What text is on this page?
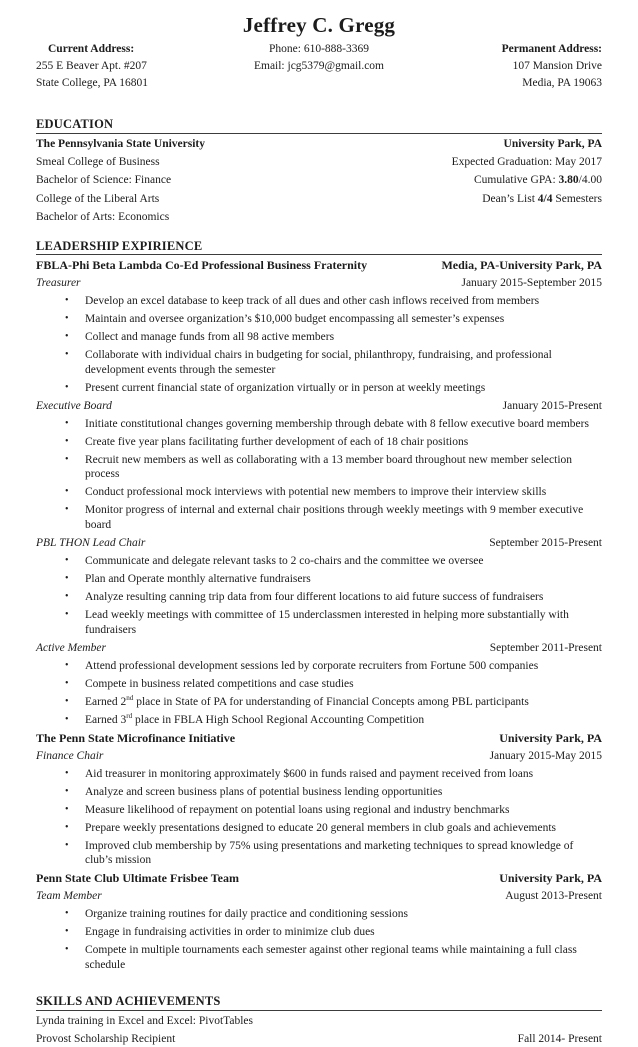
Jeffrey C. Gregg
Current Address:
255 E Beaver Apt. #207
State College, PA 16801
Phone: 610-888-3369
Email: jcg5379@gmail.com
Permanent Address:
107 Mansion Drive
Media, PA 19063
EDUCATION
The Pennsylvania State University	University Park, PA
Smeal College of Business	Expected Graduation: May 2017
Bachelor of Science: Finance	Cumulative GPA: 3.80/4.00
College of the Liberal Arts	Dean’s List 4/4 Semesters
Bachelor of Arts: Economics
LEADERSHIP EXPIRIENCE
FBLA-Phi Beta Lambda Co-Ed Professional Business Fraternity	Media, PA-University Park, PA
Treasurer	January 2015-September 2015
•	Develop an excel database to keep track of all dues and other cash inflows received from members
•	Maintain and oversee organization’s $10,000 budget encompassing all semester’s expenses
•	Collect and manage funds from all 98 active members
•	Collaborate with individual chairs in budgeting for social, philanthropy, fundraising, and professional development events through the semester
•	Present current financial state of organization virtually or in person at weekly meetings
Executive Board	January 2015-Present
•	Initiate constitutional changes governing membership through debate with 8 fellow executive board members
•	Create five year plans facilitating further development of each of 18 chair positions
•	Recruit new members as well as collaborating with a 13 member board throughout new member selection process
•	Conduct professional mock interviews with potential new members to improve their interview skills
•	Monitor progress of internal and external chair positions through weekly meetings with 9 member executive board
PBL THON Lead Chair	September 2015-Present
•	Communicate and delegate relevant tasks to 2 co-chairs and the committee we oversee
•	Plan and Operate monthly alternative fundraisers
•	Analyze resulting canning trip data from four different locations to aid future success of fundraisers
•	Lead weekly meetings with committee of 15 underclassmen interested in helping more substantially with fundraisers
Active Member	September 2011-Present
•	Attend professional development sessions led by corporate recruiters from Fortune 500 companies
•	Compete in business related competitions and case studies
•	Earned 2nd place in State of PA for understanding of Financial Concepts among PBL participants
•	Earned 3rd place in FBLA High School Regional Accounting Competition
The Penn State Microfinance Initiative	University Park, PA
Finance Chair	January 2015-May 2015
•	Aid treasurer in monitoring approximately $600 in funds raised and payment received from loans
•	Analyze and screen business plans of potential business lending opportunities
•	Measure likelihood of repayment on potential loans using regional and industry benchmarks
•	Prepare weekly presentations designed to educate 20 general members in club goals and achievements
•	Improved club membership by 75% using presentations and marketing techniques to spread knowledge of club’s mission
Penn State Club Ultimate Frisbee Team	University Park, PA
Team Member	August 2013-Present
•	Organize training routines for daily practice and conditioning sessions
•	Engage in fundraising activities in order to minimize club dues
•	Compete in multiple tournaments each semester against other regional teams while maintaining a full class schedule
SKILLS AND ACHIEVEMENTS
Lynda training in Excel and Excel: PivotTables
Provost Scholarship Recipient	Fall 2014- Present
